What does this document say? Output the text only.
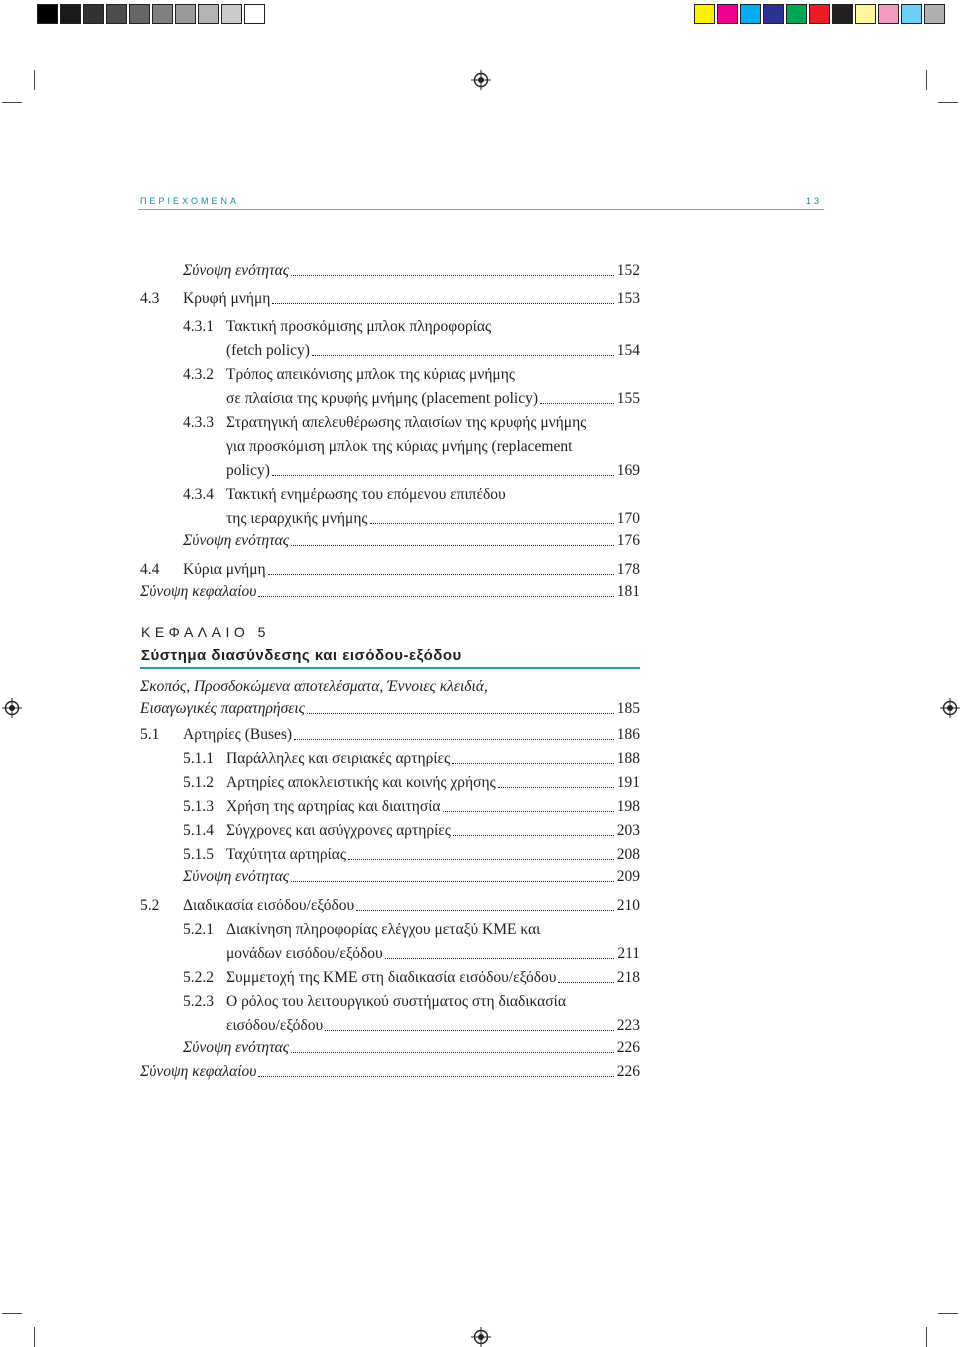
ΠΕΡΙΕΧΟΜΕΝΑ	13
ΚΕΦΑΛΑΙΟ 5
Σύστημα διασύνδεσης και εισόδου-εξόδου
Σύνοψη ενότητας	152
4.3 Κρυφή μνήμη	153
4.3.1 Τακτική προσκόμισης μπλοκ πληροφορίας
(fetch policy)	154
4.3.2 Τρόπος απεικόνισης μπλοκ της κύριας μνήμης
σε πλαίσια της κρυφής μνήμης (placement policy)	155
4.3.3 Στρατηγική απελευθέρωσης πλαισίων της κρυφής μνήμης
για προσκόμιση μπλοκ της κύριας μνήμης (replacement
policy)	169
4.3.4 Τακτική ενημέρωσης του επόμενου επιπέδου
της ιεραρχικής μνήμης	170
Σύνοψη ενότητας	176
4.4 Κύρια μνήμη	178
Σύνοψη κεφαλαίου	181
Σκοπός, Προσδοκώμενα αποτελέσματα, Έννοιες κλειδιά,
Εισαγωγικές παρατηρήσεις	185
5.1 Αρτηρίες (Buses)	186
5.1.1 Παράλληλες και σειριακές αρτηρίες	188
5.1.2 Αρτηρίες αποκλειστικής και κοινής χρήσης	191
5.1.3 Χρήση της αρτηρίας και διαιτησία	198
5.1.4 Σύγχρονες και ασύγχρονες αρτηρίες	203
5.1.5 Ταχύτητα αρτηρίας	208
Σύνοψη ενότητας	209
5.2 Διαδικασία εισόδου/εξόδου	210
5.2.1 Διακίνηση πληροφορίας ελέγχου μεταξύ ΚΜΕ και
μονάδων εισόδου/εξόδου	211
5.2.2 Συμμετοχή της ΚΜΕ στη διαδικασία εισόδου/εξόδου	218
5.2.3 Ο ρόλος του λειτουργικού συστήματος στη διαδικασία
εισόδου/εξόδου	223
Σύνοψη ενότητας	226
Σύνοψη κεφαλαίου	226
